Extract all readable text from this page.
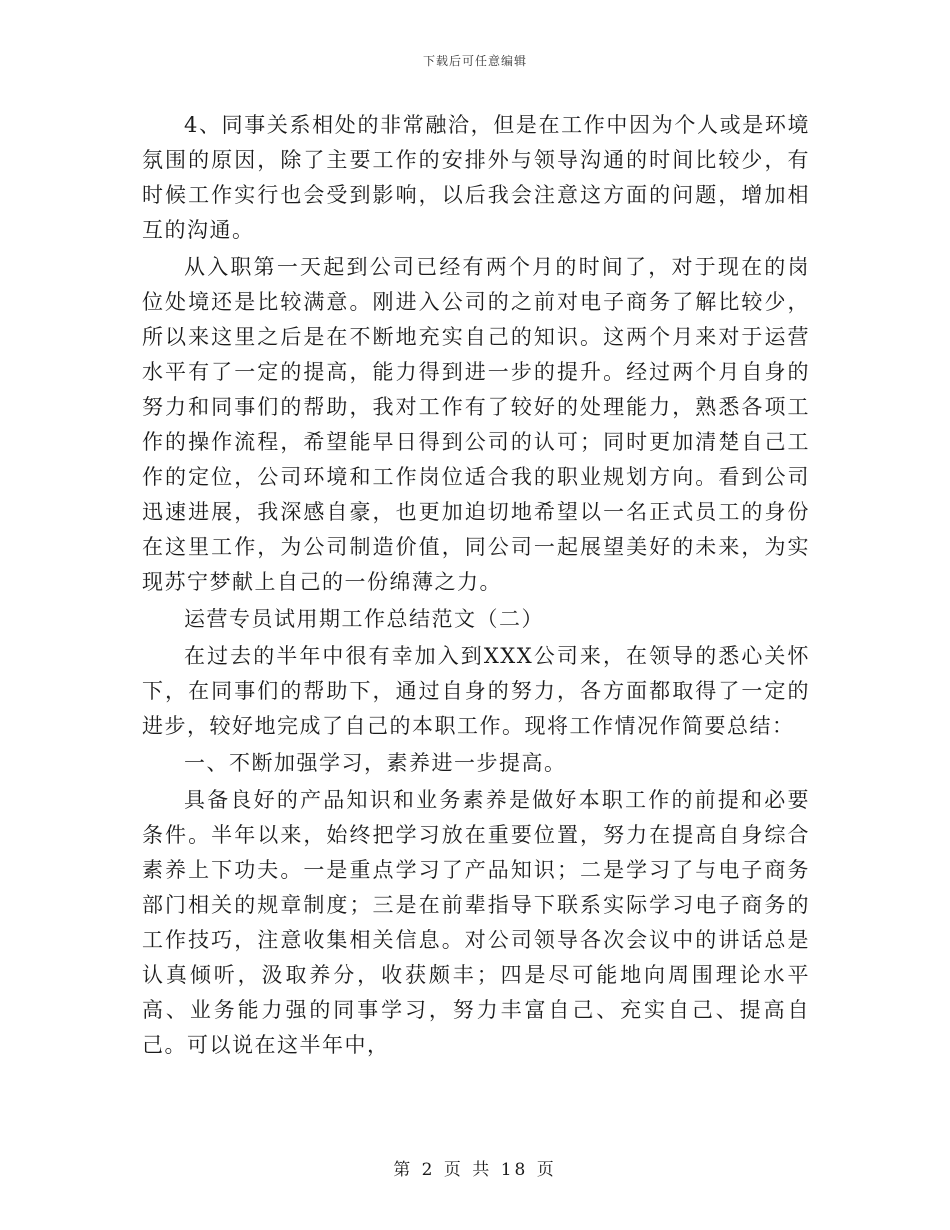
下载后可任意编辑

4、同事关系相处的非常融洽，但是在工作中因为个人或是环境氛围的原因，除了主要工作的安排外与领导沟通的时间比较少，有时候工作实行也会受到影响，以后我会注意这方面的问题，增加相互的沟通。

从入职第一天起到公司已经有两个月的时间了，对于现在的岗位处境还是比较满意。刚进入公司的之前对电子商务了解比较少，所以来这里之后是在不断地充实自己的知识。这两个月来对于运营水平有了一定的提高，能力得到进一步的提升。经过两个月自身的努力和同事们的帮助，我对工作有了较好的处理能力，熟悉各项工作的操作流程，希望能早日得到公司的认可；同时更加清楚自己工作的定位，公司环境和工作岗位适合我的职业规划方向。看到公司迅速进展，我深感自豪，也更加迫切地希望以一名正式员工的身份在这里工作，为公司制造价值，同公司一起展望美好的未来，为实现苏宁梦献上自己的一份绵薄之力。

运营专员试用期工作总结范文（二）

在过去的半年中很有幸加入到XXX公司来，在领导的悉心关怀下，在同事们的帮助下，通过自身的努力，各方面都取得了一定的进步，较好地完成了自己的本职工作。现将工作情况作简要总结：

一、不断加强学习，素养进一步提高。

具备良好的产品知识和业务素养是做好本职工作的前提和必要条件。半年以来，始终把学习放在重要位置，努力在提高自身综合素养上下功夫。一是重点学习了产品知识；二是学习了与电子商务部门相关的规章制度；三是在前辈指导下联系实际学习电子商务的工作技巧，注意收集相关信息。对公司领导各次会议中的讲话总是认真倾听，汲取养分，收获颇丰；四是尽可能地向周围理论水平高、业务能力强的同事学习，努力丰富自己、充实自己、提高自己。可以说在这半年中，

第 2 页 共 18 页
